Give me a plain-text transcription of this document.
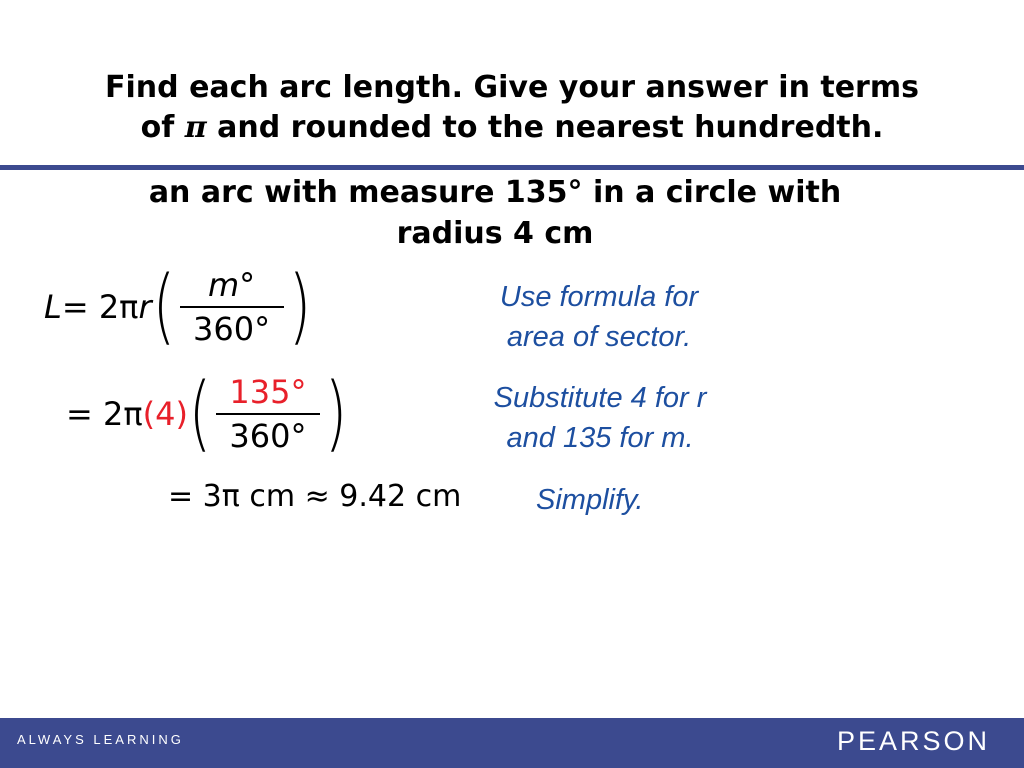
Find each arc length. Give your answer in terms
of π and rounded to the nearest hundredth.
an arc with measure 135° in a circle with
radius 4 cm
L = 2π r ( $\frac{m^\circ}{360^\circ}$ )	Use formula for
area of sector.
= 2π (4) ( $\frac{135^\circ}{360^\circ}$ )	Substitute 4 for r
and 135 for m.
= 3π cm ≈ 9.42 cm	Simplify.
ALWAYS LEARNING	PEARSON
